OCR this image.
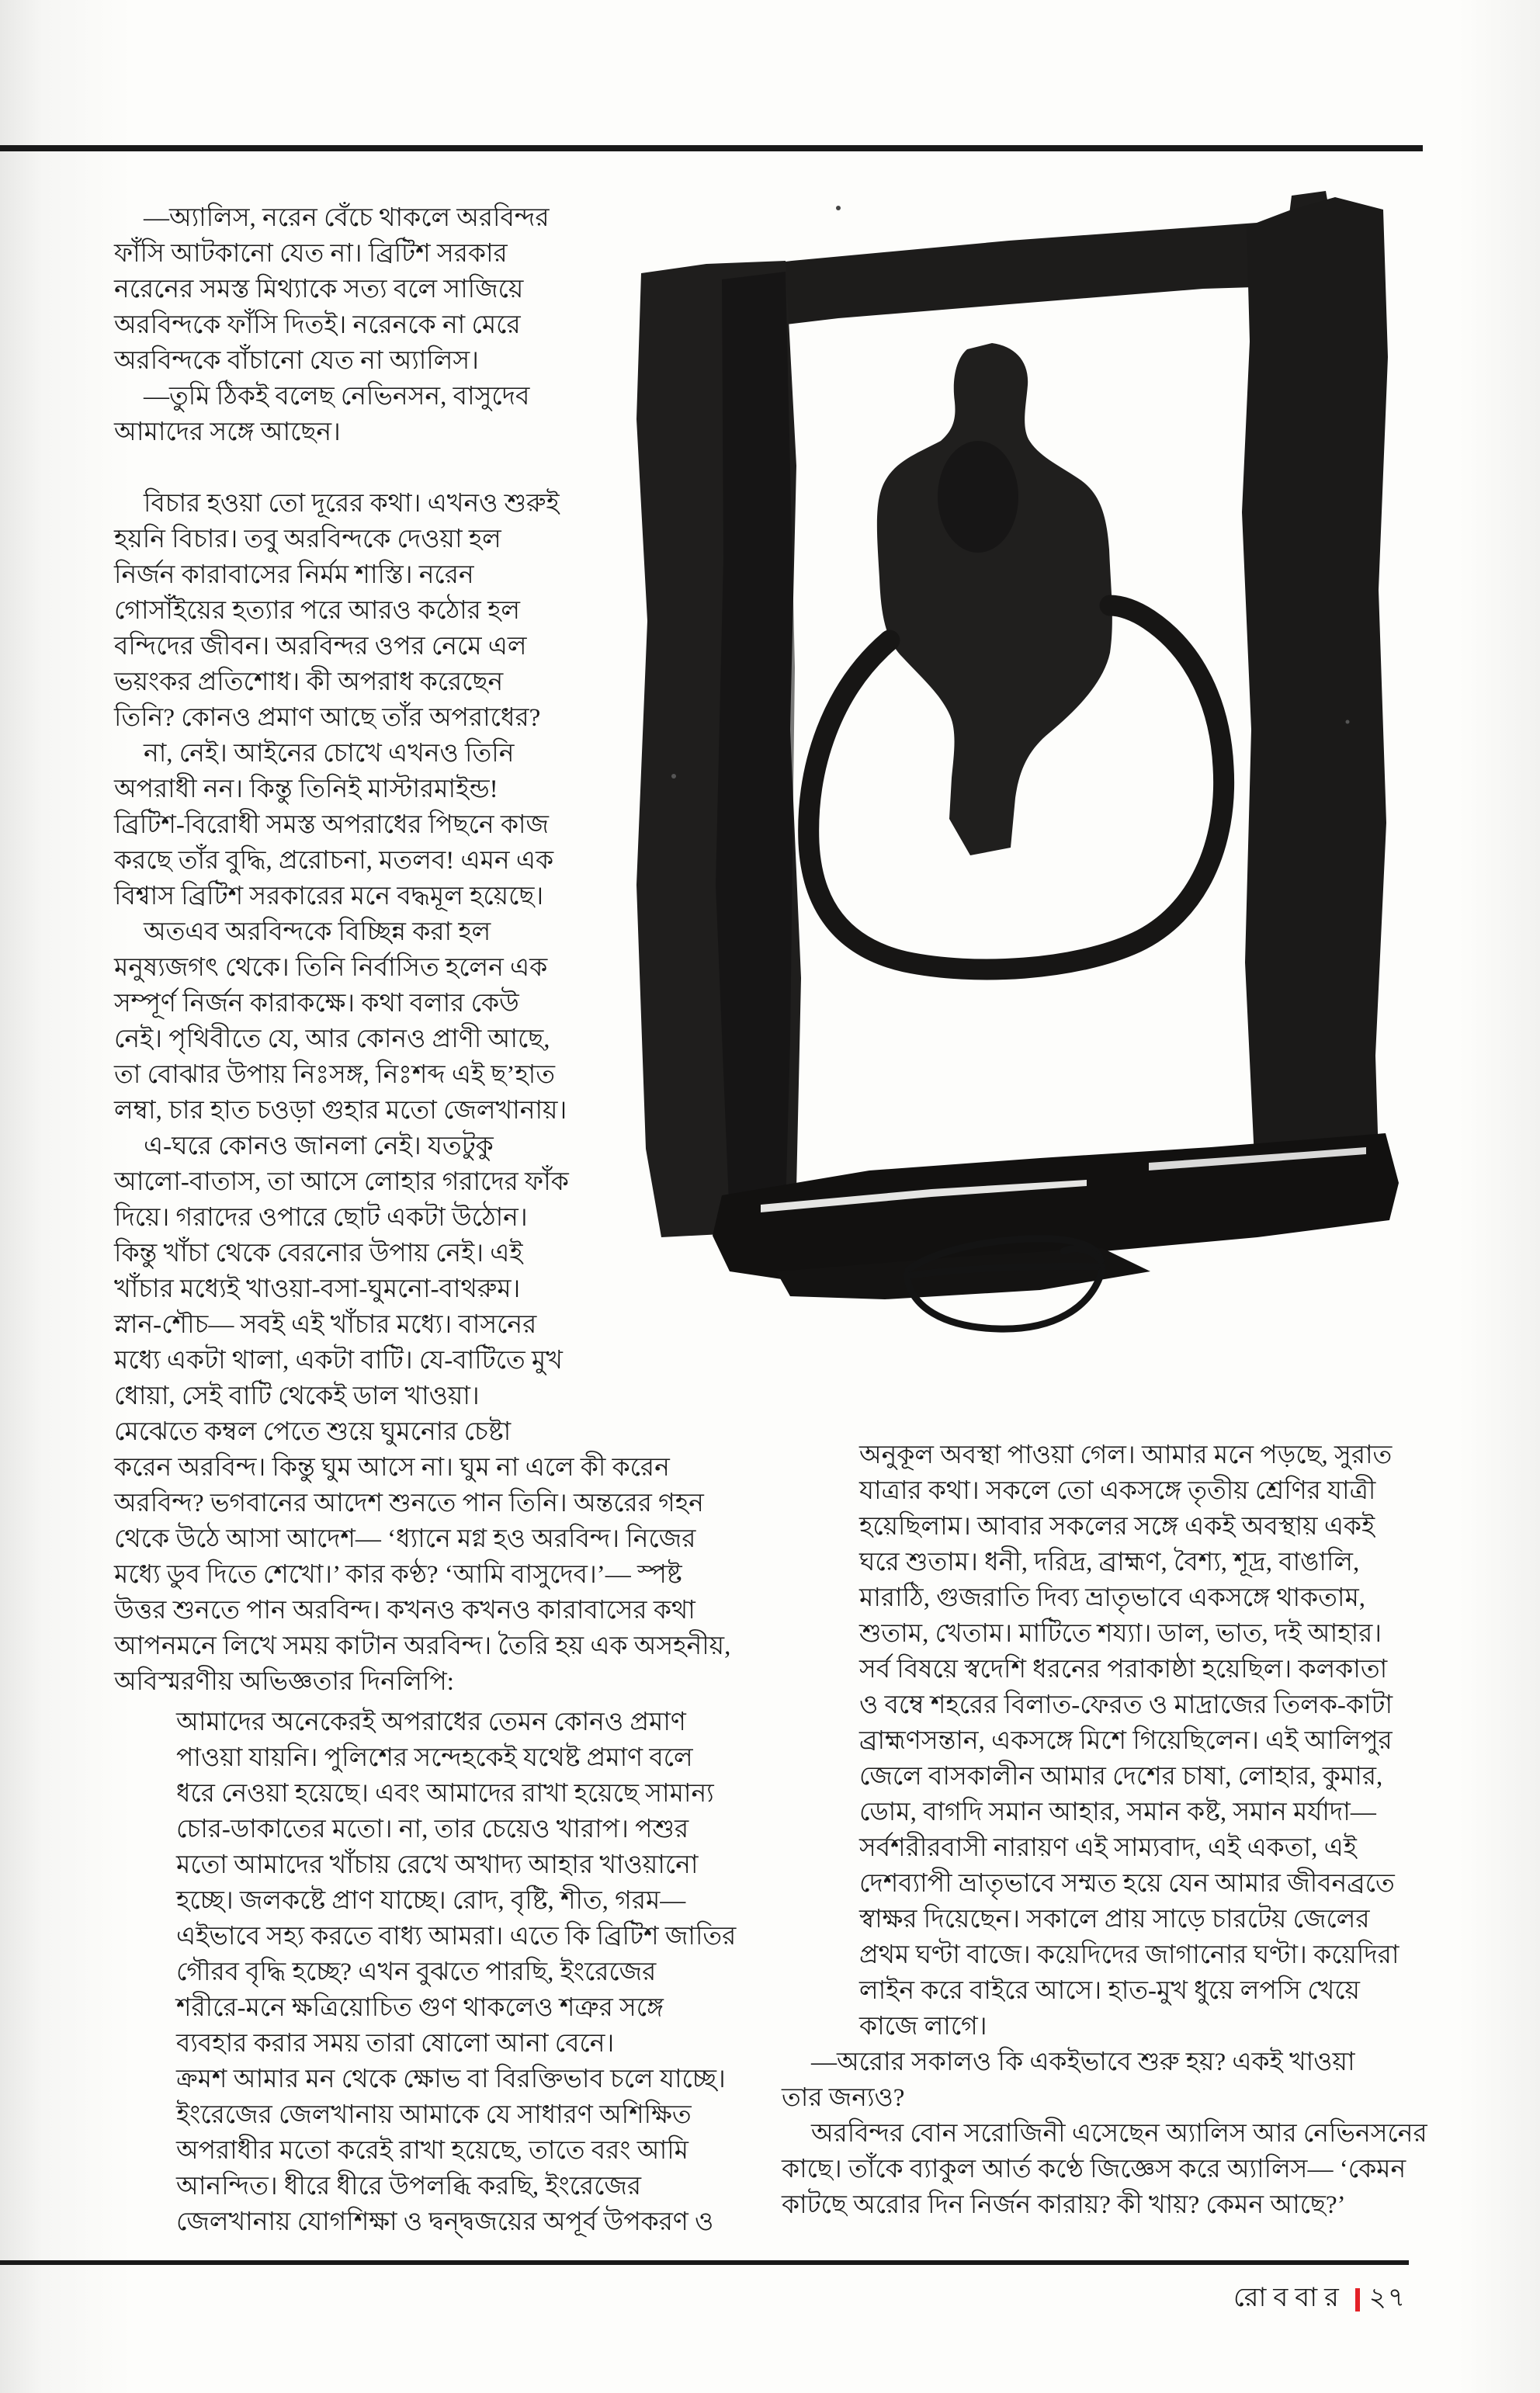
	—অ্যালিস, নরেন বেঁচে থাকলে অরবিন্দর
ফাঁসি আটকানো যেত না। ব্রিটিশ সরকার
নরেনের সমস্ত মিথ্যাকে সত্য বলে সাজিয়ে
অরবিন্দকে ফাঁসি দিতই। নরেনকে না মেরে
অরবিন্দকে বাঁচানো যেত না অ্যালিস।
	—তুমি ঠিকই বলেছ নেভিনসন, বাসুদেব
আমাদের সঙ্গে আছেন।
	বিচার হওয়া তো দূরের কথা। এখনও শুরুই
হয়নি বিচার। তবু অরবিন্দকে দেওয়া হল
নির্জন কারাবাসের নির্মম শাস্তি। নরেন
গোসাঁইয়ের হত্যার পরে আরও কঠোর হল
বন্দিদের জীবন। অরবিন্দর ওপর নেমে এল
ভয়ংকর প্রতিশোধ। কী অপরাধ করেছেন
তিনি? কোনও প্রমাণ আছে তাঁর অপরাধের?
	না, নেই। আইনের চোখে এখনও তিনি
অপরাধী নন। কিন্তু তিনিই মাস্টারমাইন্ড!
ব্রিটিশ-বিরোধী সমস্ত অপরাধের পিছনে কাজ
করছে তাঁর বুদ্ধি, প্ররোচনা, মতলব! এমন এক
বিশ্বাস ব্রিটিশ সরকারের মনে বদ্ধমূল হয়েছে।
	অতএব অরবিন্দকে বিচ্ছিন্ন করা হল
মনুষ্যজগৎ থেকে। তিনি নির্বাসিত হলেন এক
সম্পূর্ণ নির্জন কারাকক্ষে। কথা বলার কেউ
নেই। পৃথিবীতে যে, আর কোনও প্রাণী আছে,
তা বোঝার উপায় নিঃসঙ্গ, নিঃশব্দ এই ছ’হাত
লম্বা, চার হাত চওড়া গুহার মতো জেলখানায়।
	এ-ঘরে কোনও জানলা নেই। যতটুকু
আলো-বাতাস, তা আসে লোহার গরাদের ফাঁক
দিয়ে। গরাদের ওপারে ছোট একটা উঠোন।
কিন্তু খাঁচা থেকে বেরনোর উপায় নেই। এই
খাঁচার মধ্যেই খাওয়া-বসা-ঘুমনো-বাথরুম।
স্নান-শৌচ— সবই এই খাঁচার মধ্যে। বাসনের
মধ্যে একটা থালা, একটা বাটি। যে-বাটিতে মুখ
ধোয়া, সেই বাটি থেকেই ডাল খাওয়া।
মেঝেতে কম্বল পেতে শুয়ে ঘুমনোর চেষ্টা
করেন অরবিন্দ। কিন্তু ঘুম আসে না। ঘুম না এলে কী করেন
অরবিন্দ? ভগবানের আদেশ শুনতে পান তিনি। অন্তরের গহন
থেকে উঠে আসা আদেশ— ‘ধ্যানে মগ্ন হও অরবিন্দ। নিজের
মধ্যে ডুব দিতে শেখো।’ কার কণ্ঠ? ‘আমি বাসুদেব।’— স্পষ্ট
উত্তর শুনতে পান অরবিন্দ। কখনও কখনও কারাবাসের কথা
আপনমনে লিখে সময় কাটান অরবিন্দ। তৈরি হয় এক অসহনীয়,
অবিস্মরণীয় অভিজ্ঞতার দিনলিপি:
আমাদের অনেকেরই অপরাধের তেমন কোনও প্রমাণ
পাওয়া যায়নি। পুলিশের সন্দেহকেই যথেষ্ট প্রমাণ বলে
ধরে নেওয়া হয়েছে। এবং আমাদের রাখা হয়েছে সামান্য
চোর-ডাকাতের মতো। না, তার চেয়েও খারাপ। পশুর
মতো আমাদের খাঁচায় রেখে অখাদ্য আহার খাওয়ানো
হচ্ছে। জলকষ্টে প্রাণ যাচ্ছে। রোদ, বৃষ্টি, শীত, গরম—
এইভাবে সহ্য করতে বাধ্য আমরা। এতে কি ব্রিটিশ জাতির
গৌরব বৃদ্ধি হচ্ছে? এখন বুঝতে পারছি, ইংরেজের
শরীরে-মনে ক্ষত্রিয়োচিত গুণ থাকলেও শত্রুর সঙ্গে
ব্যবহার করার সময় তারা ষোলো আনা বেনে।
ক্রমশ আমার মন থেকে ক্ষোভ বা বিরক্তিভাব চলে যাচ্ছে।
ইংরেজের জেলখানায় আমাকে যে সাধারণ অশিক্ষিত
অপরাধীর মতো করেই রাখা হয়েছে, তাতে বরং আমি
আনন্দিত। ধীরে ধীরে উপলব্ধি করছি, ইংরেজের
জেলখানায় যোগশিক্ষা ও দ্বন্দ্বজয়ের অপূর্ব উপকরণ ও
অনুকূল অবস্থা পাওয়া গেল। আমার মনে পড়ছে, সুরাত
যাত্রার কথা। সকলে তো একসঙ্গে তৃতীয় শ্রেণির যাত্রী
হয়েছিলাম। আবার সকলের সঙ্গে একই অবস্থায় একই
ঘরে শুতাম। ধনী, দরিদ্র, ব্রাহ্মণ, বৈশ্য, শূদ্র, বাঙালি,
মারাঠি, গুজরাতি দিব্য ভ্রাতৃভাবে একসঙ্গে থাকতাম,
শুতাম, খেতাম। মাটিতে শয্যা। ডাল, ভাত, দই আহার।
সর্ব বিষয়ে স্বদেশি ধরনের পরাকাষ্ঠা হয়েছিল। কলকাতা
ও বম্বে শহরের বিলাত-ফেরত ও মাদ্রাজের তিলক-কাটা
ব্রাহ্মণসন্তান, একসঙ্গে মিশে গিয়েছিলেন। এই আলিপুর
জেলে বাসকালীন আমার দেশের চাষা, লোহার, কুমার,
ডোম, বাগদি সমান আহার, সমান কষ্ট, সমান মর্যাদা—
সর্বশরীরবাসী নারায়ণ এই সাম্যবাদ, এই একতা, এই
দেশব্যাপী ভ্রাতৃভাবে সম্মত হয়ে যেন আমার জীবনব্রতে
স্বাক্ষর দিয়েছেন। সকালে প্রায় সাড়ে চারটেয় জেলের
প্রথম ঘণ্টা বাজে। কয়েদিদের জাগানোর ঘণ্টা। কয়েদিরা
লাইন করে বাইরে আসে। হাত-মুখ ধুয়ে লপসি খেয়ে
কাজে লাগে।
	—অরোর সকালও কি একইভাবে শুরু হয়? একই খাওয়া
তার জন্যও?
	অরবিন্দর বোন সরোজিনী এসেছেন অ্যালিস আর নেভিনসনের
কাছে। তাঁকে ব্যাকুল আর্ত কণ্ঠে জিজ্ঞেস করে অ্যালিস— ‘কেমন
কাটছে অরোর দিন নির্জন কারায়? কী খায়? কেমন আছে?’
রোববার ২৭
